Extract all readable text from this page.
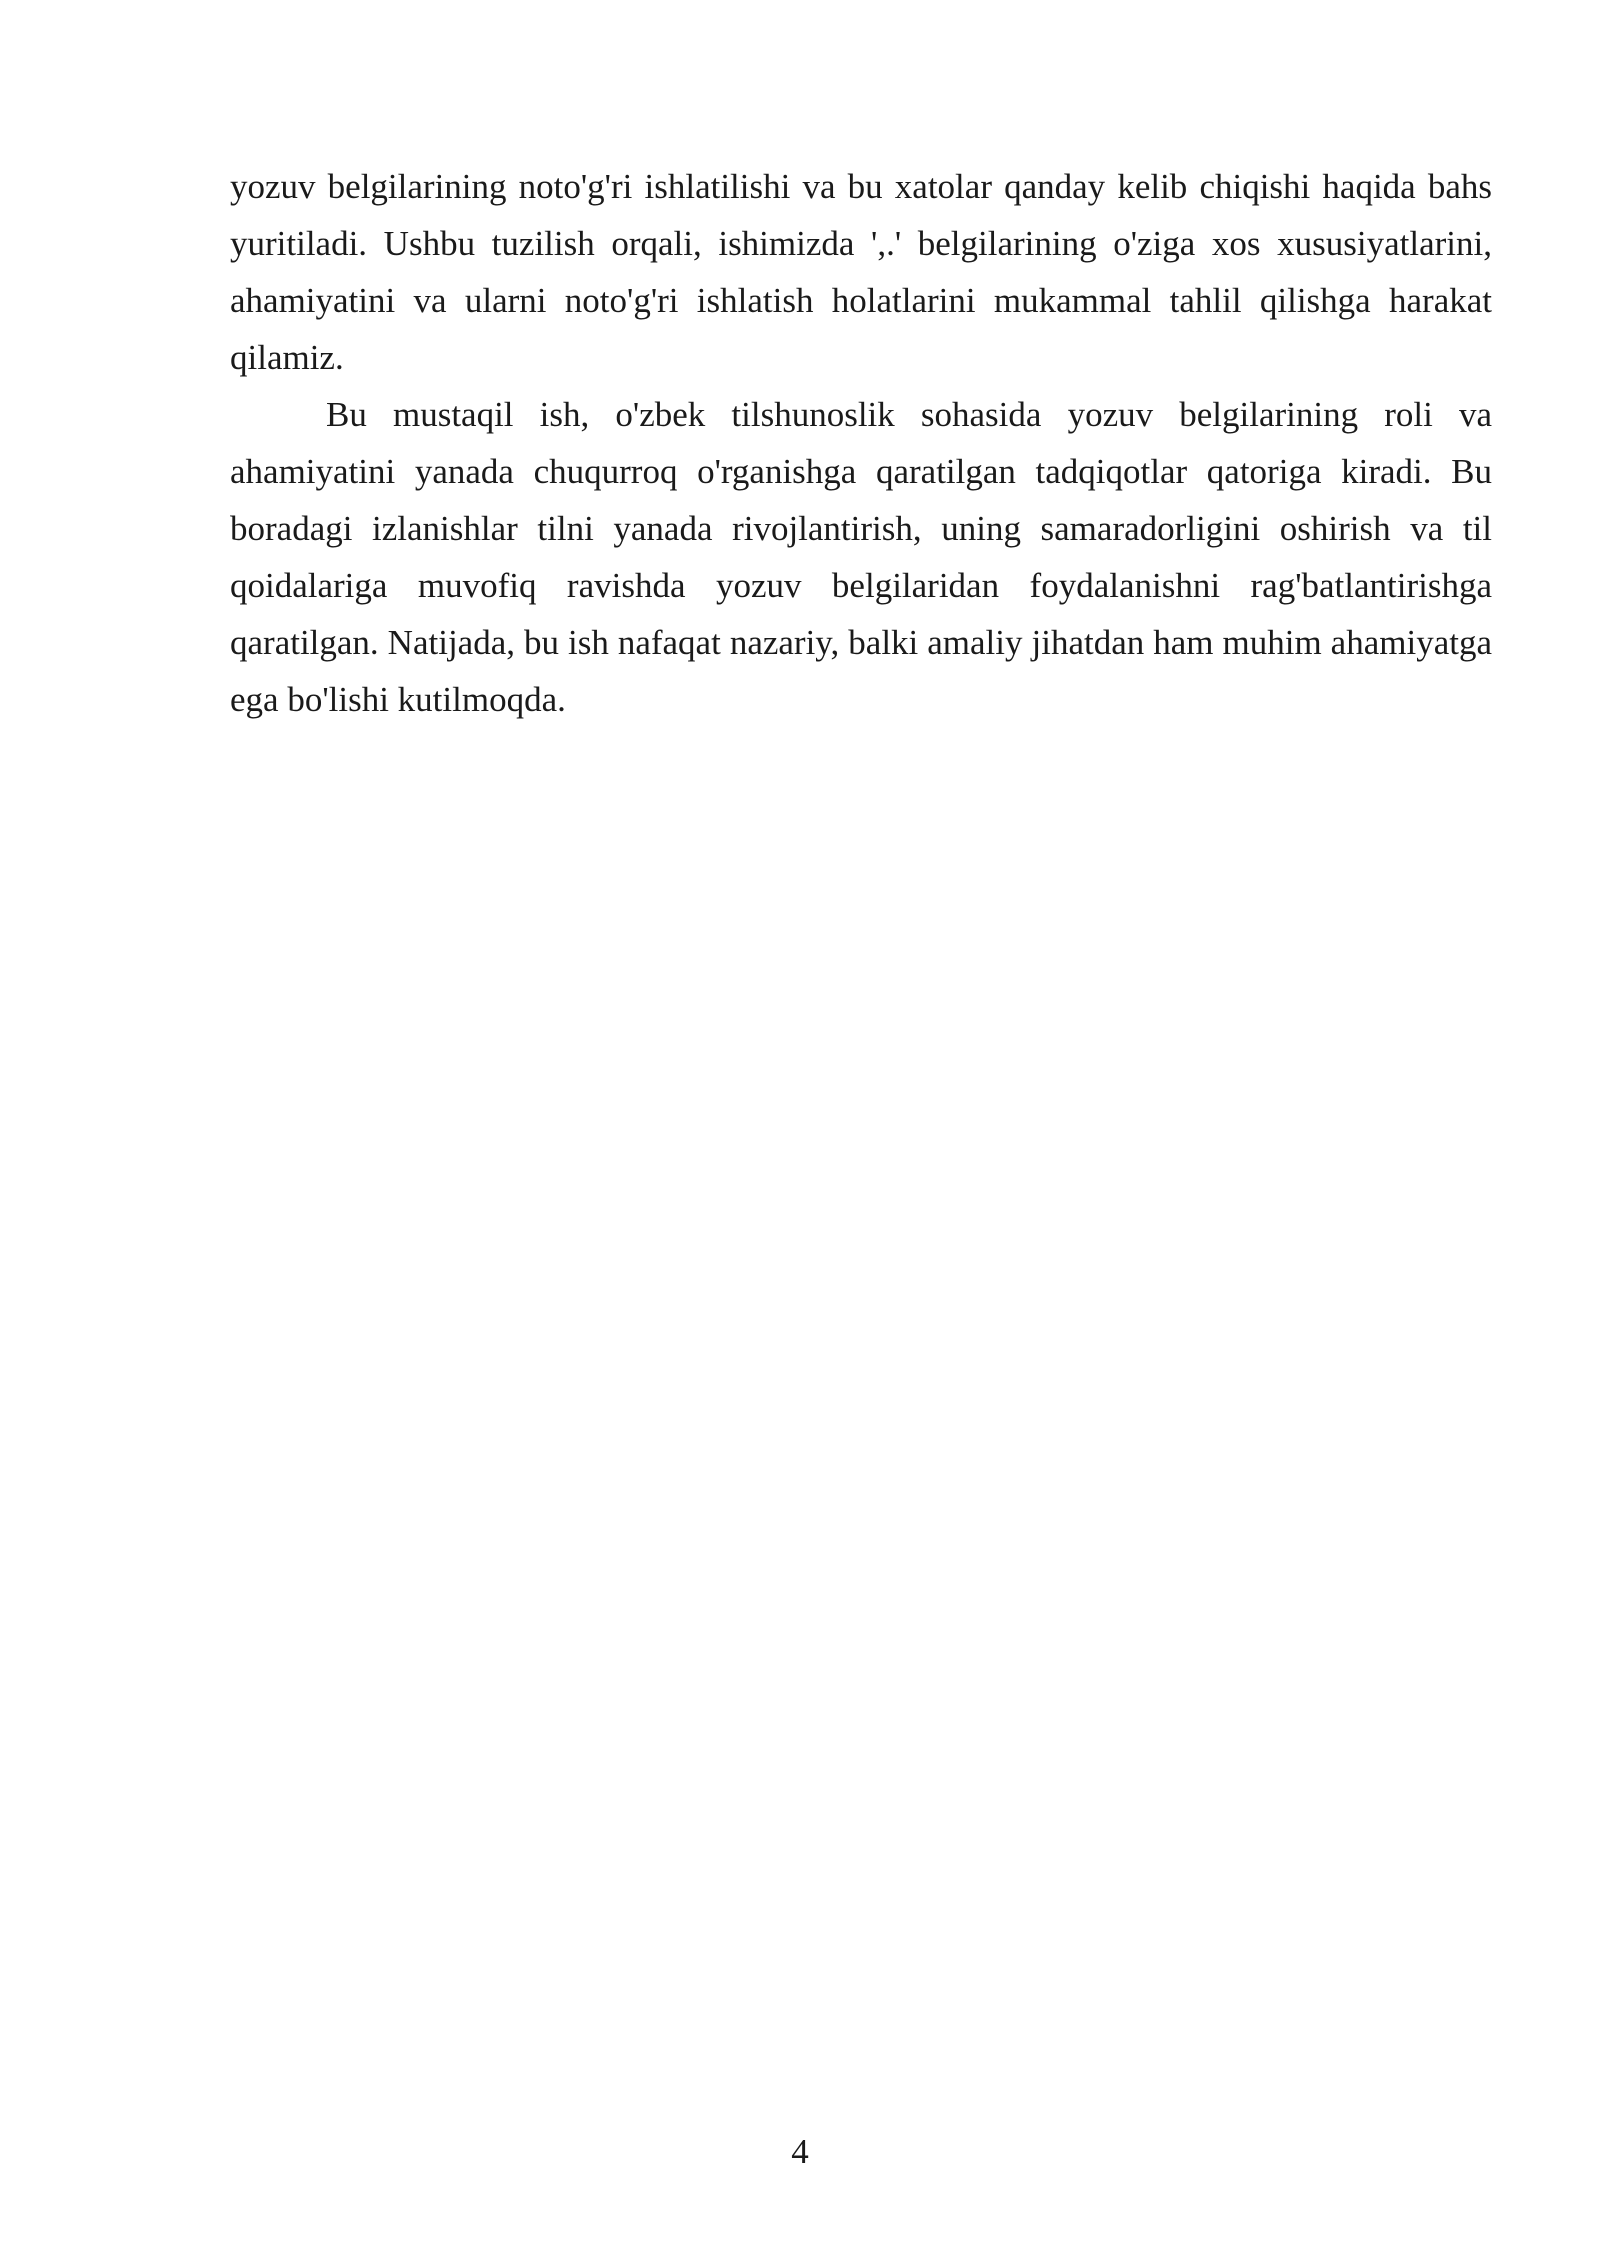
yozuv belgilarining noto'g'ri ishlatilishi va bu xatolar qanday kelib chiqishi haqida bahs yuritiladi. Ushbu tuzilish orqali, ishimizda ',.' belgilarining o'ziga xos xususiyatlarini, ahamiyatini va ularni noto'g'ri ishlatish holatlarini mukammal tahlil qilishga harakat qilamiz.

Bu mustaqil ish, o'zbek tilshunoslik sohasida yozuv belgilarining roli va ahamiyatini yanada chuqurroq o'rganishga qaratilgan tadqiqotlar qatoriga kiradi. Bu boradagi izlanishlar tilni yanada rivojlantirish, uning samaradorligini oshirish va til qoidalariga muvofiq ravishda yozuv belgilaridan foydalanishni rag'batlantirishga qaratilgan. Natijada, bu ish nafaqat nazariy, balki amaliy jihatdan ham muhim ahamiyatga ega bo'lishi kutilmoqda.

4
